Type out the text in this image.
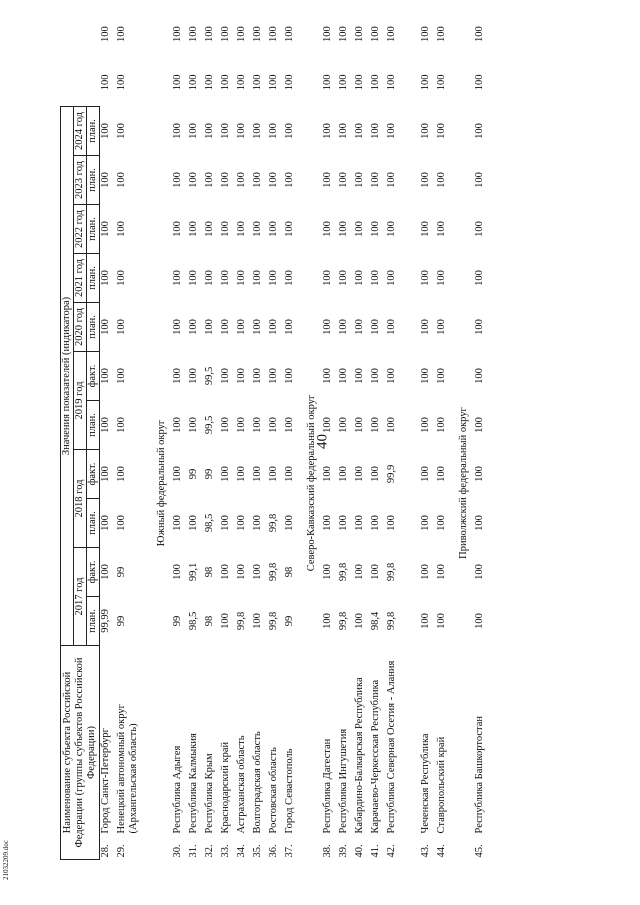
40
21032209.doc
Наименование субъекта Российской Федерации (группы субъектов Российской Федерации)		Значения показателей (индикатора)												
		2017 год		2018 год		2019 год		2020 год	2021 год	2022 год	2023 год	2024 год		
		план.	факт.	план.	факт.	план.	факт.	план.	план.	план.	план.	план.		
28.	Город Санкт-Петербург	99,99	100	100	100	100	100	100	100	100	100	100	100	100
29.	Ненецкий автономный округ (Архангельская область)	99	99	100	100	100	100	100	100	100	100	100	100	100
Южный федеральный округ														
30.	Республика Адыгея	99	100	100	100	100	100	100	100	100	100	100	100	100
31.	Республика Калмыкия	98,5	99,1	100	99	100	100	100	100	100	100	100	100	100
32.	Республика Крым	98	98	98,5	99	99,5	99,5	100	100	100	100	100	100	100
33.	Краснодарский край	100	100	100	100	100	100	100	100	100	100	100	100	100
34.	Астраханская область	99,8	100	100	100	100	100	100	100	100	100	100	100	100
35.	Волгоградская область	100	100	100	100	100	100	100	100	100	100	100	100	100
36.	Ростовская область	99,8	99,8	99,8	100	100	100	100	100	100	100	100	100	100
37.	Город Севастополь	99	98	100	100	100	100	100	100	100	100	100	100	100
Северо-Кавказский федеральный округ														
38.	Республика Дагестан	100	100	100	100	100	100	100	100	100	100	100	100	100
39.	Республика Ингушетия	99,8	99,8	100	100	100	100	100	100	100	100	100	100	100
40.	Кабардино-Балкарская Республика	100	100	100	100	100	100	100	100	100	100	100	100	100
41.	Карачаево-Черкесская Республика	98,4	100	100	100	100	100	100	100	100	100	100	100	100
42.	Республика Северная Осетия - Алания	99,8	99,8	100	99,9	100	100	100	100	100	100	100	100	100
43.	Чеченская Республика	100	100	100	100	100	100	100	100	100	100	100	100	100
44.	Ставропольский край	100	100	100	100	100	100	100	100	100	100	100	100	100
Приволжский федеральный округ														
45.	Республика Башкортостан	100	100	100	100	100	100	100	100	100	100	100	100	100
